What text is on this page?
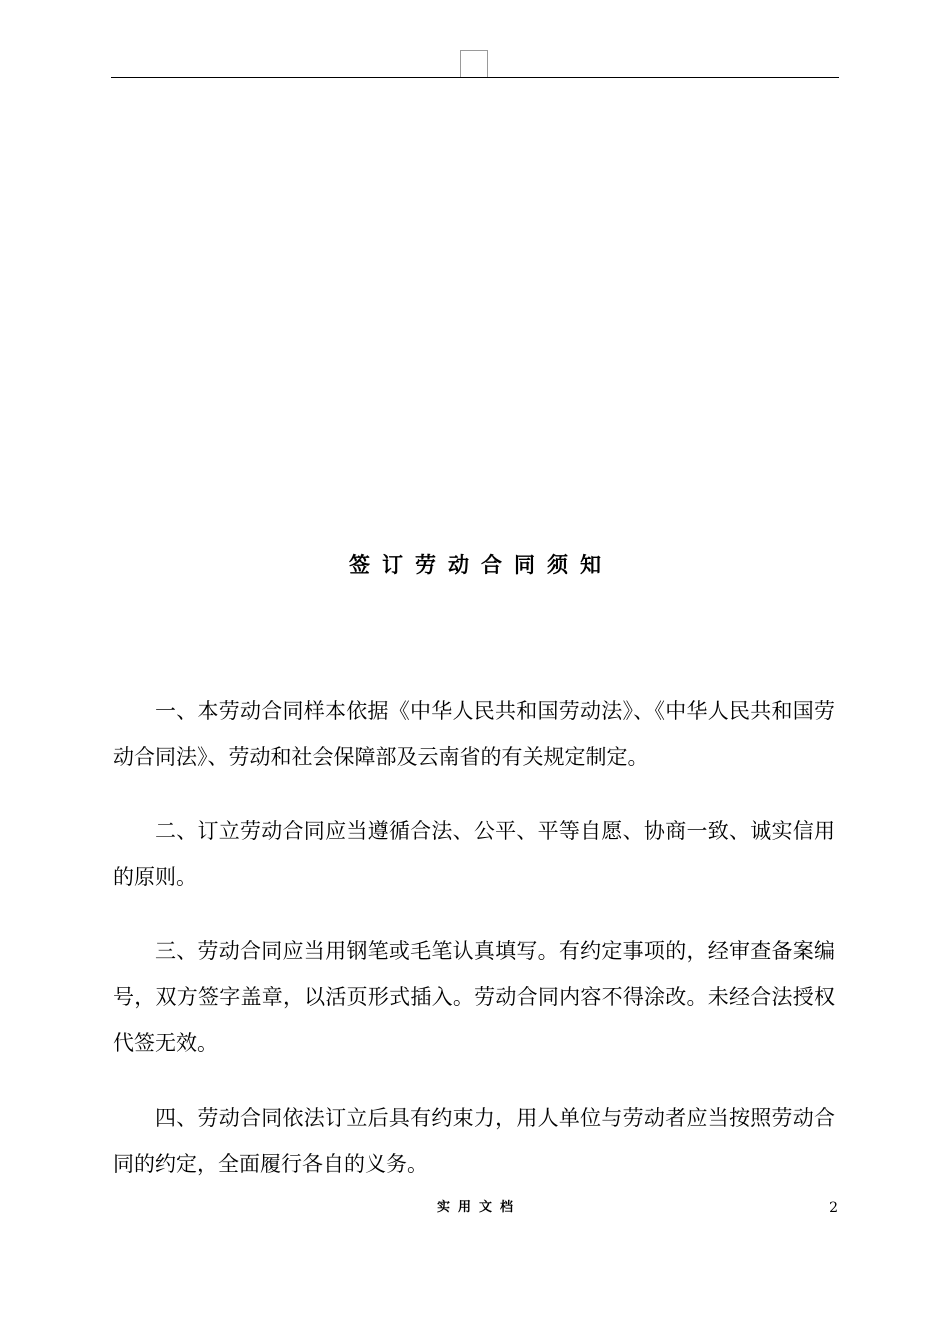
签订劳动合同须知

一、本劳动合同样本依据《中华人民共和国劳动法》、《中华人民共和国劳动合同法》、劳动和社会保障部及云南省的有关规定制定。

二、订立劳动合同应当遵循合法、公平、平等自愿、协商一致、诚实信用的原则。

三、劳动合同应当用钢笔或毛笔认真填写。有约定事项的，经审查备案编号，双方签字盖章，以活页形式插入。劳动合同内容不得涂改。未经合法授权代签无效。

四、劳动合同依法订立后具有约束力，用人单位与劳动者应当按照劳动合同的约定，全面履行各自的义务。

实用文档	2
